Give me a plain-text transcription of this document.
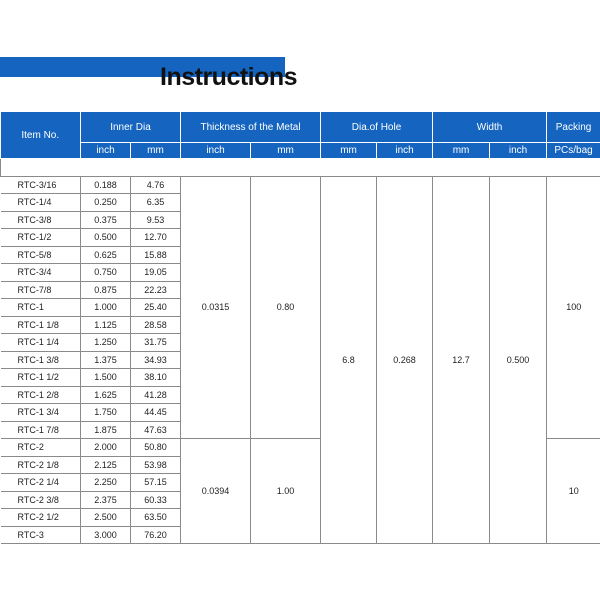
Instructions
Item No.	Inner Dia		Thickness of the Metal		Dia.of Hole		Width		Packing
	inch	mm	inch	mm	mm	inch	mm	inch	PCs/bag

RTC-3/16	0.188	4.76	0.0315	0.80	6.8	0.268	12.7	0.500	100
RTC-1/4	0.250	6.35							
RTC-3/8	0.375	9.53							
RTC-1/2	0.500	12.70							
RTC-5/8	0.625	15.88							
RTC-3/4	0.750	19.05							
RTC-7/8	0.875	22.23							
RTC-1	1.000	25.40							
RTC-1 1/8	1.125	28.58							
RTC-1 1/4	1.250	31.75							
RTC-1 3/8	1.375	34.93							
RTC-1 1/2	1.500	38.10							
RTC-1 2/8	1.625	41.28							
RTC-1 3/4	1.750	44.45							
RTC-1 7/8	1.875	47.63							
RTC-2	2.000	50.80	0.0394	1.00					10
RTC-2 1/8	2.125	53.98							
RTC-2 1/4	2.250	57.15							
RTC-2 3/8	2.375	60.33							
RTC-2 1/2	2.500	63.50							
RTC-3	3.000	76.20							
